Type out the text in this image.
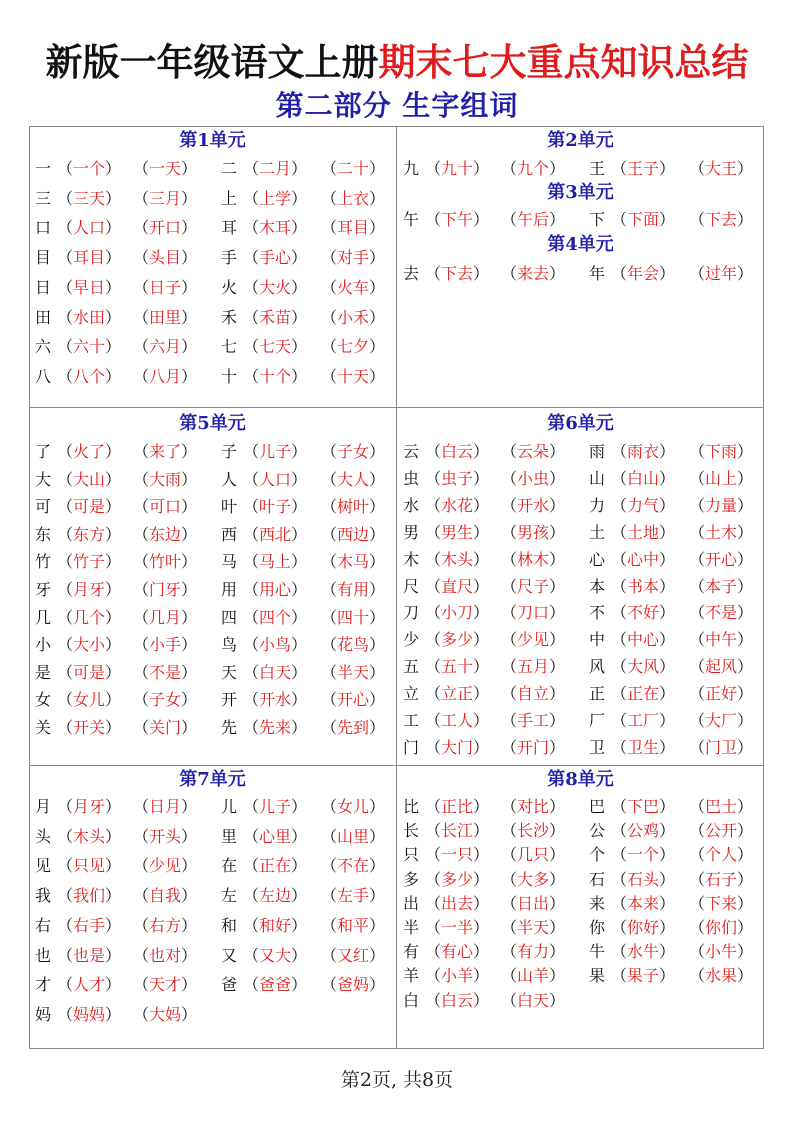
新版一年级语文上册期末七大重点知识总结
第二部分 生字组词
第1单元
一 （一个） （一天） 二 （二月） （二十）
三 （三天） （三月） 上 （上学） （上衣）
口 （人口） （开口） 耳 （木耳） （耳目）
目 （耳目） （头目） 手 （手心） （对手）
日 （早日） （日子） 火 （大火） （火车）
田 （水田） （田里） 禾 （禾苗） （小禾）
六 （六十） （六月） 七 （七天） （七夕）
八 （八个） （八月） 十 （十个） （十天）
第2单元
九 （九十） （九个） 王 （王子） （大王）
第3单元
午 （下午） （午后） 下 （下面） （下去）
第4单元
去 （下去） （来去） 年 （年会） （过年）
第5单元
了 （火了） （来了） 子 （儿子） （子女）
大 （大山） （大雨） 人 （人口） （大人）
可 （可是） （可口） 叶 （叶子） （树叶）
东 （东方） （东边） 西 （西北） （西边）
竹 （竹子） （竹叶） 马 （马上） （木马）
牙 （月牙） （门牙） 用 （用心） （有用）
几 （几个） （几月） 四 （四个） （四十）
小 （大小） （小手） 鸟 （小鸟） （花鸟）
是 （可是） （不是） 天 （白天） （半天）
女 （女儿） （子女） 开 （开水） （开心）
关 （开关） （关门） 先 （先来） （先到）
第6单元
云 （白云） （云朵） 雨 （雨衣） （下雨）
虫 （虫子） （小虫） 山 （白山） （山上）
水 （水花） （开水） 力 （力气） （力量）
男 （男生） （男孩） 土 （土地） （土木）
木 （木头） （林木） 心 （心中） （开心）
尺 （直尺） （尺子） 本 （书本） （本子）
刀 （小刀） （刀口） 不 （不好） （不是）
少 （多少） （少见） 中 （中心） （中午）
五 （五十） （五月） 风 （大风） （起风）
立 （立正） （自立） 正 （正在） （正好）
工 （工人） （手工） 厂 （工厂） （大厂）
门 （大门） （开门） 卫 （卫生） （门卫）
第7单元
月 （月牙） （日月） 儿 （儿子） （女儿）
头 （木头） （开头） 里 （心里） （山里）
见 （只见） （少见） 在 （正在） （不在）
我 （我们） （自我） 左 （左边） （左手）
右 （右手） （右方） 和 （和好） （和平）
也 （也是） （也对） 又 （又大） （又红）
才 （人才） （天才） 爸 （爸爸） （爸妈）
妈 （妈妈） （大妈）
第8单元
比 （正比） （对比） 巴 （下巴） （巴士）
长 （长江） （长沙） 公 （公鸡） （公开）
只 （一只） （几只） 个 （一个） （个人）
多 （多少） （大多） 石 （石头） （石子）
出 （出去） （日出） 来 （本来） （下来）
半 （一半） （半天） 你 （你好） （你们）
有 （有心） （有力） 牛 （水牛） （小牛）
羊 （小羊） （山羊） 果 （果子） （水果）
白 （白云） （白天）
第2页, 共8页
